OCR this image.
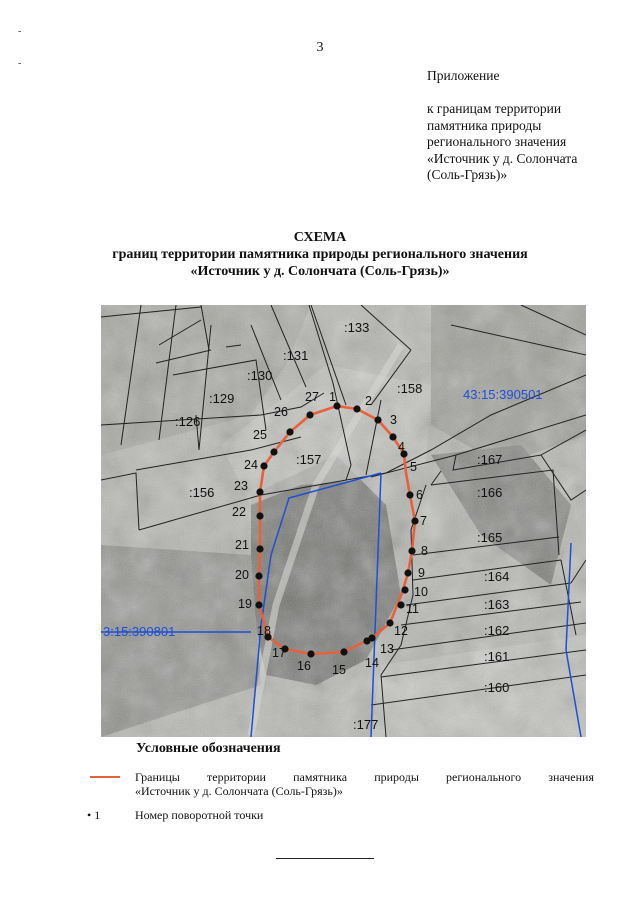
-
-
3
Приложение
к границам территории
памятника природы
регионального значения
«Источник у д. Солончата
(Соль-Грязь)»
СХЕМА
границ территории памятника природы регионального значения
«Источник у д. Солончата (Соль-Грязь)»
1 2
3
4
5
6
7
8
9
10
11
12
13
14
15
16
17
18
19
20
21
22
23
24
25
26
27
:133
:131
:130
:129
:126
:158
:157
:156
:167
:166
:165
:164
:163
:162
:161
:160
:177
43:15:390501
3:15:390801
Условные обозначения
Границы территории памятника природы регионального значения
«Источник у д. Солончата (Соль-Грязь)»
• 1	Номер поворотной точки
